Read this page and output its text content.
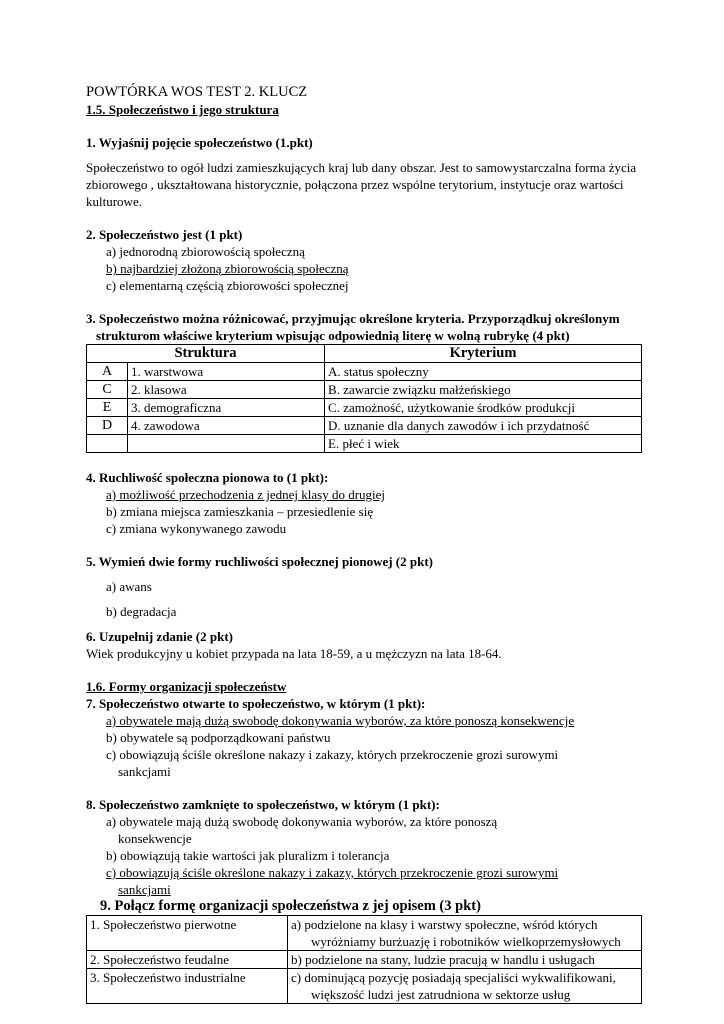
POWTÓRKA WOS TEST 2. KLUCZ
1.5. Społeczeństwo i jego struktura
1. Wyjaśnij pojęcie społeczeństwo (1.pkt)
Społeczeństwo to ogół ludzi zamieszkujących kraj lub dany obszar. Jest to samowystarczalna forma życia zbiorowego , ukształtowana historycznie, połączona przez wspólne terytorium, instytucje oraz wartości kulturowe.
2. Społeczeństwo jest (1 pkt)
a) jednorodną zbiorowością społeczną
b) najbardziej złożoną zbiorowością społeczną
c) elementarną częścią zbiorowości społecznej
3. Społeczeństwo można różnicować, przyjmując określone kryteria. Przyporządkuj określonym
strukturom właściwe kryterium wpisując odpowiednią literę w wolną rubrykę (4 pkt)
Struktura		Kryterium
A	1. warstwowa	A. status społeczny
C	2. klasowa	B. zawarcie związku małżeńskiego
E	3. demograficzna	C. zamożność, użytkowanie środków produkcji
D	4. zawodowa	D. uznanie dla danych zawodów i ich przydatność
		E. płeć i wiek
4. Ruchliwość społeczna pionowa to (1 pkt):
a) możliwość przechodzenia z jednej klasy do drugiej
b) zmiana miejsca zamieszkania – przesiedlenie się
c) zmiana wykonywanego zawodu
5. Wymień dwie formy ruchliwości społecznej pionowej (2 pkt)
a) awans
b) degradacja
6. Uzupełnij zdanie (2 pkt)
Wiek produkcyjny u kobiet przypada na lata 18-59, a u mężczyzn na lata 18-64.
1.6. Formy organizacji społeczeństw
7. Społeczeństwo otwarte to społeczeństwo, w którym (1 pkt):
a) obywatele mają dużą swobodę dokonywania wyborów, za które ponoszą konsekwencje
b) obywatele są podporządkowani państwu
c) obowiązują ściśle określone nakazy i zakazy, których przekroczenie grozi surowymi
sankcjami
8. Społeczeństwo zamknięte to społeczeństwo, w którym (1 pkt):
a) obywatele mają dużą swobodę dokonywania wyborów, za które ponoszą
konsekwencje
b) obowiązują takie wartości jak pluralizm i tolerancja
c) obowiązują ściśle określone nakazy i zakazy, których przekroczenie grozi surowymi
sankcjami
9. Połącz formę organizacji społeczeństwa z jej opisem (3 pkt)
1. Społeczeństwo pierwotne	a) podzielone na klasy i warstwy społeczne, wśród których
wyróżniamy burżuazję i robotników wielkoprzemysłowych

2. Społeczeństwo feudalne	b) podzielone na stany, ludzie pracują w handlu i usługach

3. Społeczeństwo industrialne	c) dominującą pozycję posiadają specjaliści wykwalifikowani,
większość ludzi jest zatrudniona w sektorze usług
